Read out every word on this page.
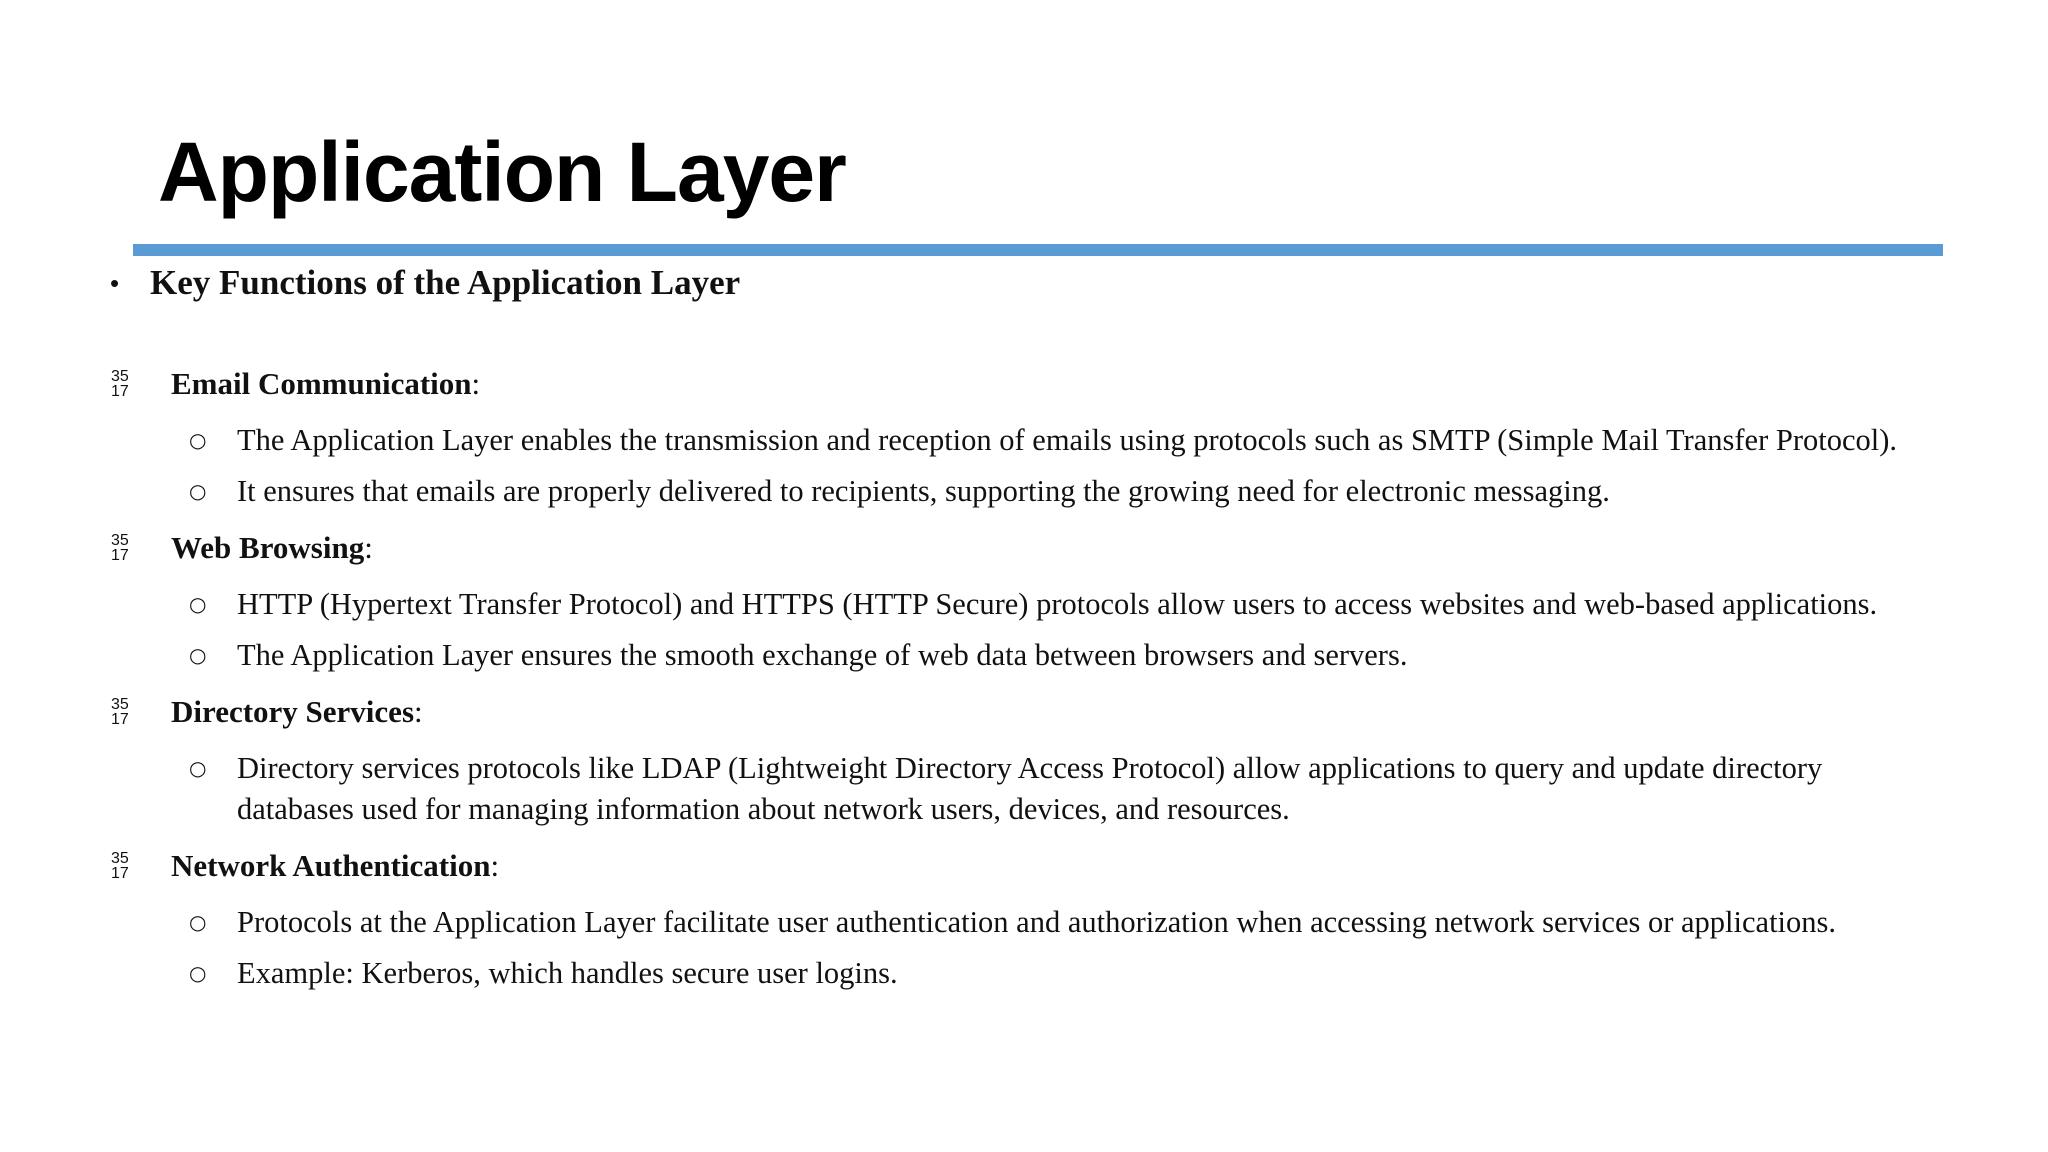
Application Layer
• Key Functions of the Application Layer
35
17 Email Communication:
○ The Application Layer enables the transmission and reception of emails using protocols such as SMTP (Simple Mail Transfer Protocol).
○ It ensures that emails are properly delivered to recipients, supporting the growing need for electronic messaging.
35
17 Web Browsing:
○ HTTP (Hypertext Transfer Protocol) and HTTPS (HTTP Secure) protocols allow users to access websites and web-based applications.
○ The Application Layer ensures the smooth exchange of web data between browsers and servers.
35
17 Directory Services:
○ Directory services protocols like LDAP (Lightweight Directory Access Protocol) allow applications to query and update directory databases used for managing information about network users, devices, and resources.
35
17 Network Authentication:
○ Protocols at the Application Layer facilitate user authentication and authorization when accessing network services or applications.
○ Example: Kerberos, which handles secure user logins.
